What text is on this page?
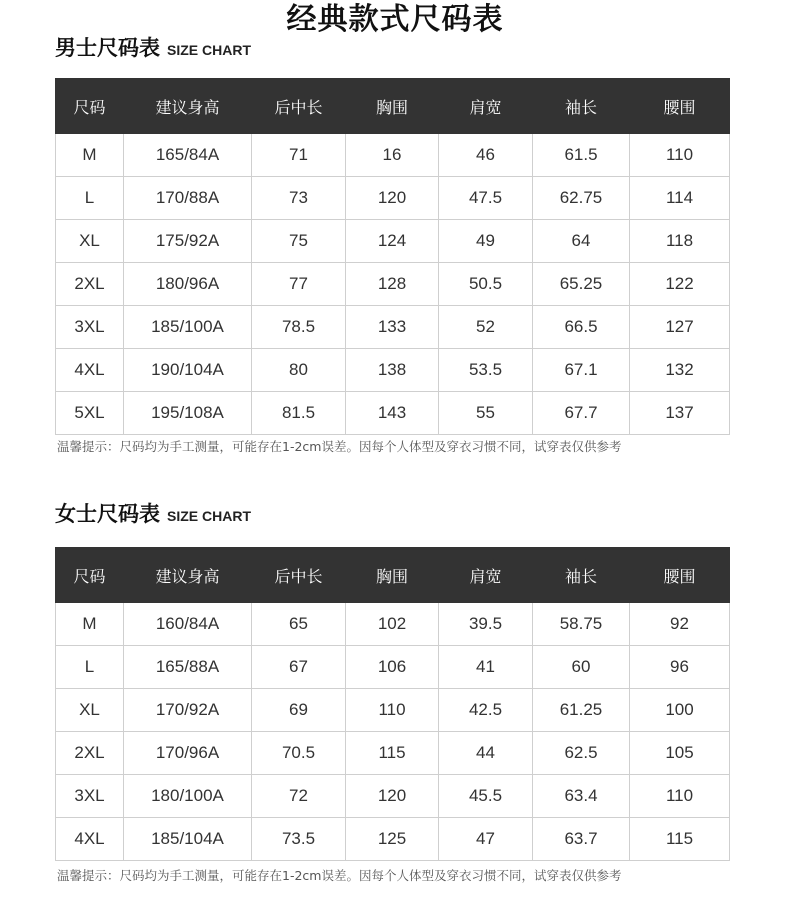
经典款式尺码表
男士尺码表 SIZE CHART
尺码	建议身高	后中长	胸围	肩宽	袖长	腰围
M	165/84A	71	16	46	61.5	110
L	170/88A	73	120	47.5	62.75	114
XL	175/92A	75	124	49	64	118
2XL	180/96A	77	128	50.5	65.25	122
3XL	185/100A	78.5	133	52	66.5	127
4XL	190/104A	80	138	53.5	67.1	132
5XL	195/108A	81.5	143	55	67.7	137
温馨提示：尺码均为手工测量，可能存在1-2cm误差。因每个人体型及穿衣习惯不同，试穿表仅供参考
女士尺码表 SIZE CHART
尺码	建议身高	后中长	胸围	肩宽	袖长	腰围
M	160/84A	65	102	39.5	58.75	92
L	165/88A	67	106	41	60	96
XL	170/92A	69	110	42.5	61.25	100
2XL	170/96A	70.5	115	44	62.5	105
3XL	180/100A	72	120	45.5	63.4	110
4XL	185/104A	73.5	125	47	63.7	115
温馨提示：尺码均为手工测量，可能存在1-2cm误差。因每个人体型及穿衣习惯不同，试穿表仅供参考
